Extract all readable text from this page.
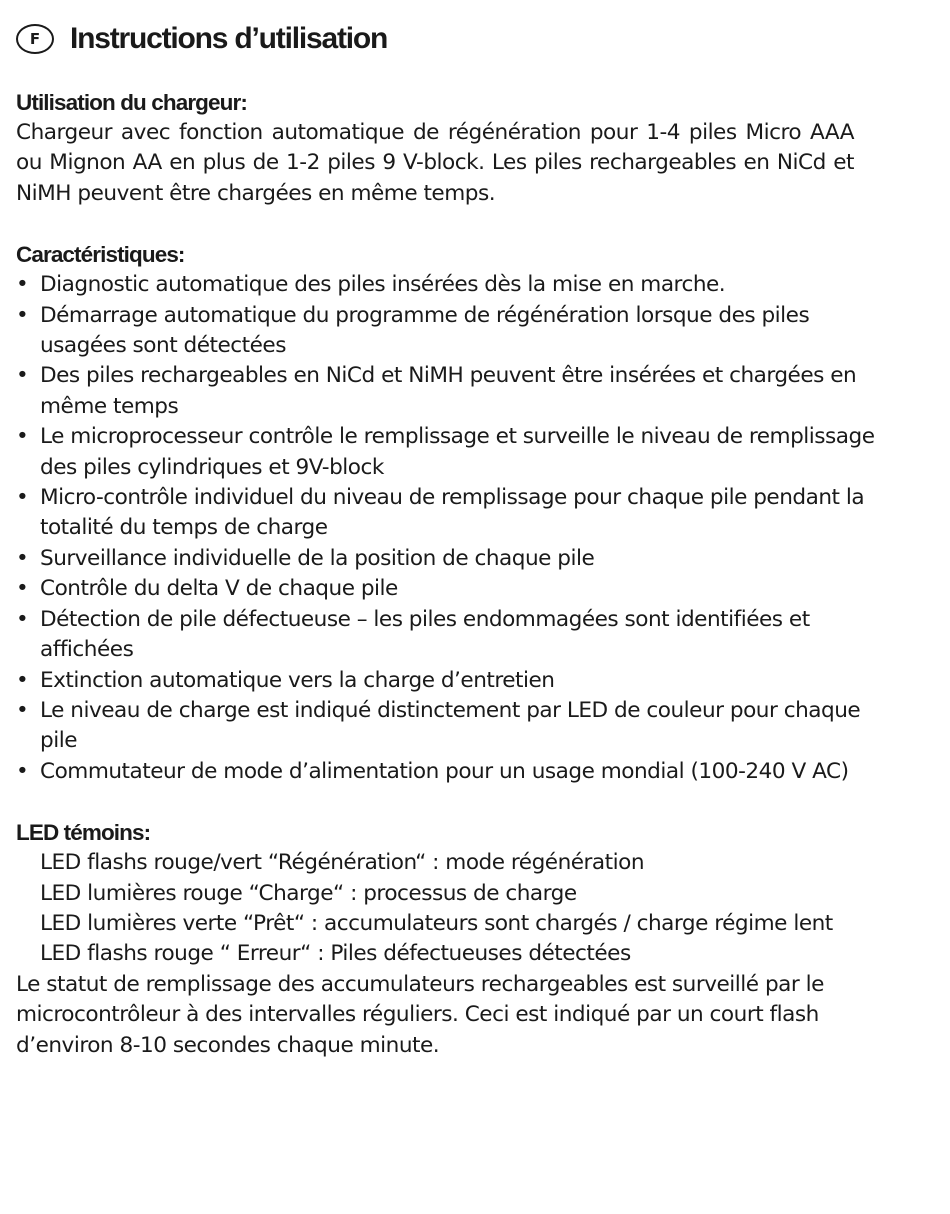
F Instructions d’utilisation
Utilisation du chargeur:

Chargeur avec fonction automatique de régénération pour 1-4 piles Micro AAA ou Mignon AA en plus de 1-2 piles 9 V-block. Les piles rechargeables en NiCd et NiMH peuvent être chargées en même temps.

Caractéristiques:
• Diagnostic automatique des piles insérées dès la mise en marche.
• Démarrage automatique du programme de régénération lorsque des piles usagées sont détectées
• Des piles rechargeables en NiCd et NiMH peuvent être insérées et chargées en même temps
• Le microprocesseur contrôle le remplissage et surveille le niveau de remplissage des piles cylindriques et 9V-block
• Micro-contrôle individuel du niveau de remplissage pour chaque pile pendant la totalité du temps de charge
• Surveillance individuelle de la position de chaque pile
• Contrôle du delta V de chaque pile
• Détection de pile défectueuse – les piles endommagées sont identifiées et affichées
• Extinction automatique vers la charge d’entretien
• Le niveau de charge est indiqué distinctement par LED de couleur pour chaque pile
• Commutateur de mode d’alimentation pour un usage mondial (100-240 V AC)
LED témoins:
LED flashs rouge/vert “Régénération“ : mode régénération
LED lumières rouge “Charge“ : processus de charge
LED lumières verte “Prêt“ : accumulateurs sont chargés / charge régime lent
LED flashs rouge “ Erreur“ : Piles défectueuses détectées
Le statut de remplissage des accumulateurs rechargeables est surveillé par le microcontrôleur à des intervalles réguliers. Ceci est indiqué par un court flash d’environ 8-10 secondes chaque minute.
